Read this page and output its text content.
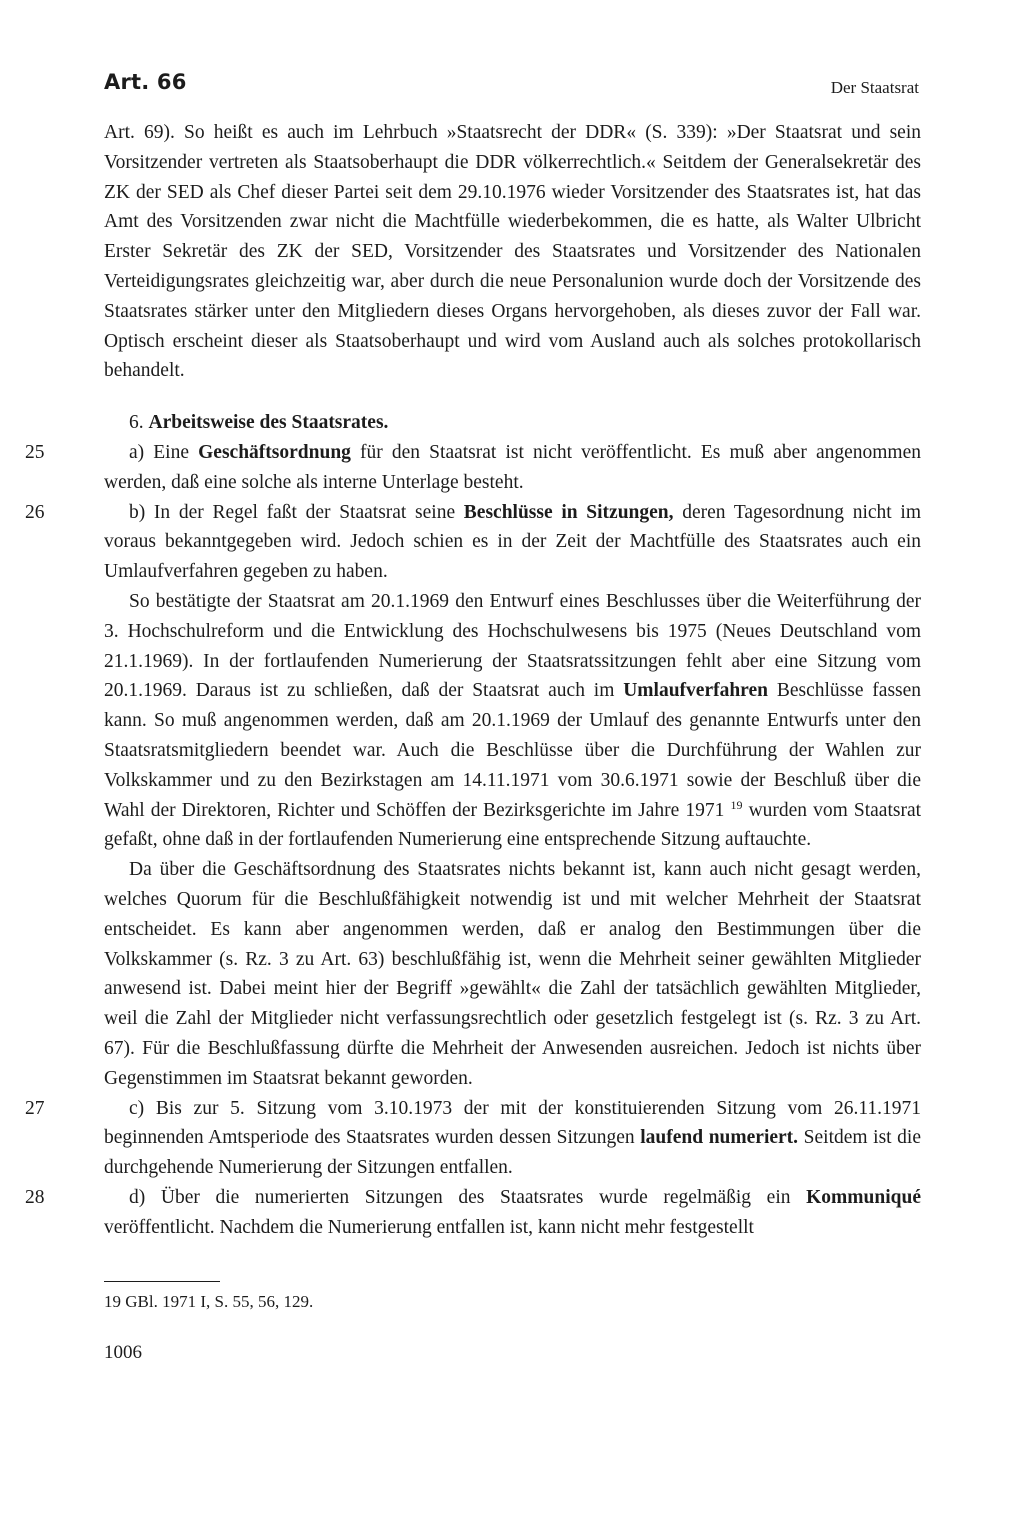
Art. 66	Der Staatsrat

Art. 69). So heißt es auch im Lehrbuch »Staatsrecht der DDR« (S. 339): »Der Staatsrat und sein Vorsitzender vertreten als Staatsoberhaupt die DDR völkerrechtlich.« Seitdem der Generalsekretär des ZK der SED als Chef dieser Partei seit dem 29.10.1976 wieder Vorsitzender des Staatsrates ist, hat das Amt des Vorsitzenden zwar nicht die Machtfülle wiederbekommen, die es hatte, als Walter Ulbricht Erster Sekretär des ZK der SED, Vorsitzender des Staatsrates und Vorsitzender des Nationalen Verteidigungsrates gleichzeitig war, aber durch die neue Personalunion wurde doch der Vorsitzende des Staatsrates stärker unter den Mitgliedern dieses Organs hervorgehoben, als dieses zuvor der Fall war. Optisch erscheint dieser als Staatsoberhaupt und wird vom Ausland auch als solches protokollarisch behandelt.

6. Arbeitsweise des Staatsrates.

25	a) Eine Geschäftsordnung für den Staatsrat ist nicht veröffentlicht. Es muß aber angenommen werden, daß eine solche als interne Unterlage besteht.

26	b) In der Regel faßt der Staatsrat seine Beschlüsse in Sitzungen, deren Tagesordnung nicht im voraus bekanntgegeben wird. Jedoch schien es in der Zeit der Machtfülle des Staatsrates auch ein Umlaufverfahren gegeben zu haben.

So bestätigte der Staatsrat am 20.1.1969 den Entwurf eines Beschlusses über die Weiterführung der 3. Hochschulreform und die Entwicklung des Hochschulwesens bis 1975 (Neues Deutschland vom 21.1.1969). In der fortlaufenden Numerierung der Staatsratssitzungen fehlt aber eine Sitzung vom 20.1.1969. Daraus ist zu schließen, daß der Staatsrat auch im Umlaufverfahren Beschlüsse fassen kann. So muß angenommen werden, daß am 20.1.1969 der Umlauf des genannte Entwurfs unter den Staatsratsmitgliedern beendet war. Auch die Beschlüsse über die Durchführung der Wahlen zur Volkskammer und zu den Bezirkstagen am 14.11.1971 vom 30.6.1971 sowie der Beschluß über die Wahl der Direktoren, Richter und Schöffen der Bezirksgerichte im Jahre 1971 $^{19}$ wurden vom Staatsrat gefaßt, ohne daß in der fortlaufenden Numerierung eine entsprechende Sitzung auftauchte.

Da über die Geschäftsordnung des Staatsrates nichts bekannt ist, kann auch nicht gesagt werden, welches Quorum für die Beschlußfähigkeit notwendig ist und mit welcher Mehrheit der Staatsrat entscheidet. Es kann aber angenommen werden, daß er analog den Bestimmungen über die Volkskammer (s. Rz. 3 zu Art. 63) beschlußfähig ist, wenn die Mehrheit seiner gewählten Mitglieder anwesend ist. Dabei meint hier der Begriff »gewählt« die Zahl der tatsächlich gewählten Mitglieder, weil die Zahl der Mitglieder nicht verfassungsrechtlich oder gesetzlich festgelegt ist (s. Rz. 3 zu Art. 67). Für die Beschlußfassung dürfte die Mehrheit der Anwesenden ausreichen. Jedoch ist nichts über Gegenstimmen im Staatsrat bekannt geworden.

27	c) Bis zur 5. Sitzung vom 3.10.1973 der mit der konstituierenden Sitzung vom 26.11.1971 beginnenden Amtsperiode des Staatsrates wurden dessen Sitzungen laufend numeriert. Seitdem ist die durchgehende Numerierung der Sitzungen entfallen.

28	d) Über die numerierten Sitzungen des Staatsrates wurde regelmäßig ein Kommuniqué veröffentlicht. Nachdem die Numerierung entfallen ist, kann nicht mehr festgestellt

19 GBl. 1971 I, S. 55, 56, 129.
1006
